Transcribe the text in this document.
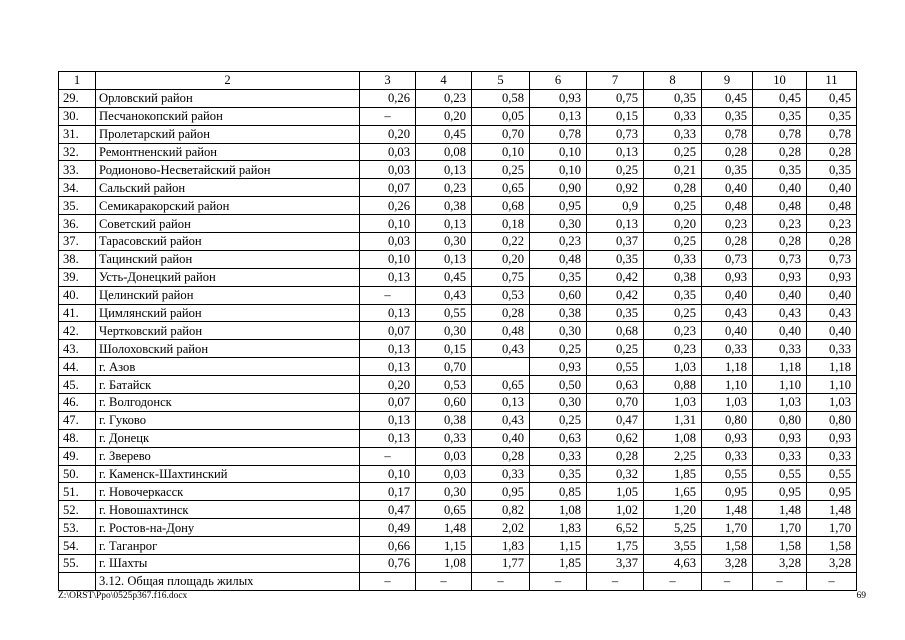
1	2	3	4	5	6	7	8	9	10	11
29.	Орловский район	0,26	0,23	0,58	0,93	0,75	0,35	0,45	0,45	0,45
30.	Песчанокопский район	–	0,20	0,05	0,13	0,15	0,33	0,35	0,35	0,35
31.	Пролетарский район	0,20	0,45	0,70	0,78	0,73	0,33	0,78	0,78	0,78
32.	Ремонтненский район	0,03	0,08	0,10	0,10	0,13	0,25	0,28	0,28	0,28
33.	Родионово-Несветайский район	0,03	0,13	0,25	0,10	0,25	0,21	0,35	0,35	0,35
34.	Сальский район	0,07	0,23	0,65	0,90	0,92	0,28	0,40	0,40	0,40
35.	Семикаракорский район	0,26	0,38	0,68	0,95	0,9	0,25	0,48	0,48	0,48
36.	Советский район	0,10	0,13	0,18	0,30	0,13	0,20	0,23	0,23	0,23
37.	Тарасовский район	0,03	0,30	0,22	0,23	0,37	0,25	0,28	0,28	0,28
38.	Тацинский район	0,10	0,13	0,20	0,48	0,35	0,33	0,73	0,73	0,73
39.	Усть-Донецкий район	0,13	0,45	0,75	0,35	0,42	0,38	0,93	0,93	0,93
40.	Целинский район	–	0,43	0,53	0,60	0,42	0,35	0,40	0,40	0,40
41.	Цимлянский район	0,13	0,55	0,28	0,38	0,35	0,25	0,43	0,43	0,43
42.	Чертковский район	0,07	0,30	0,48	0,30	0,68	0,23	0,40	0,40	0,40
43.	Шолоховский район	0,13	0,15	0,43	0,25	0,25	0,23	0,33	0,33	0,33
44.	г. Азов	0,13	0,70		0,93	0,55	1,03	1,18	1,18	1,18
45.	г. Батайск	0,20	0,53	0,65	0,50	0,63	0,88	1,10	1,10	1,10
46.	г. Волгодонск	0,07	0,60	0,13	0,30	0,70	1,03	1,03	1,03	1,03
47.	г. Гуково	0,13	0,38	0,43	0,25	0,47	1,31	0,80	0,80	0,80
48.	г. Донецк	0,13	0,33	0,40	0,63	0,62	1,08	0,93	0,93	0,93
49.	г. Зверево	–	0,03	0,28	0,33	0,28	2,25	0,33	0,33	0,33
50.	г. Каменск-Шахтинский	0,10	0,03	0,33	0,35	0,32	1,85	0,55	0,55	0,55
51.	г. Новочеркасск	0,17	0,30	0,95	0,85	1,05	1,65	0,95	0,95	0,95
52.	г. Новошахтинск	0,47	0,65	0,82	1,08	1,02	1,20	1,48	1,48	1,48
53.	г. Ростов-на-Дону	0,49	1,48	2,02	1,83	6,52	5,25	1,70	1,70	1,70
54.	г. Таганрог	0,66	1,15	1,83	1,15	1,75	3,55	1,58	1,58	1,58
55.	г. Шахты	0,76	1,08	1,77	1,85	3,37	4,63	3,28	3,28	3,28
	3.12. Общая площадь жилых	–	–	–	–	–	–	–	–	–
Z:\ORST\Ppo\0525p367.f16.docx	69
